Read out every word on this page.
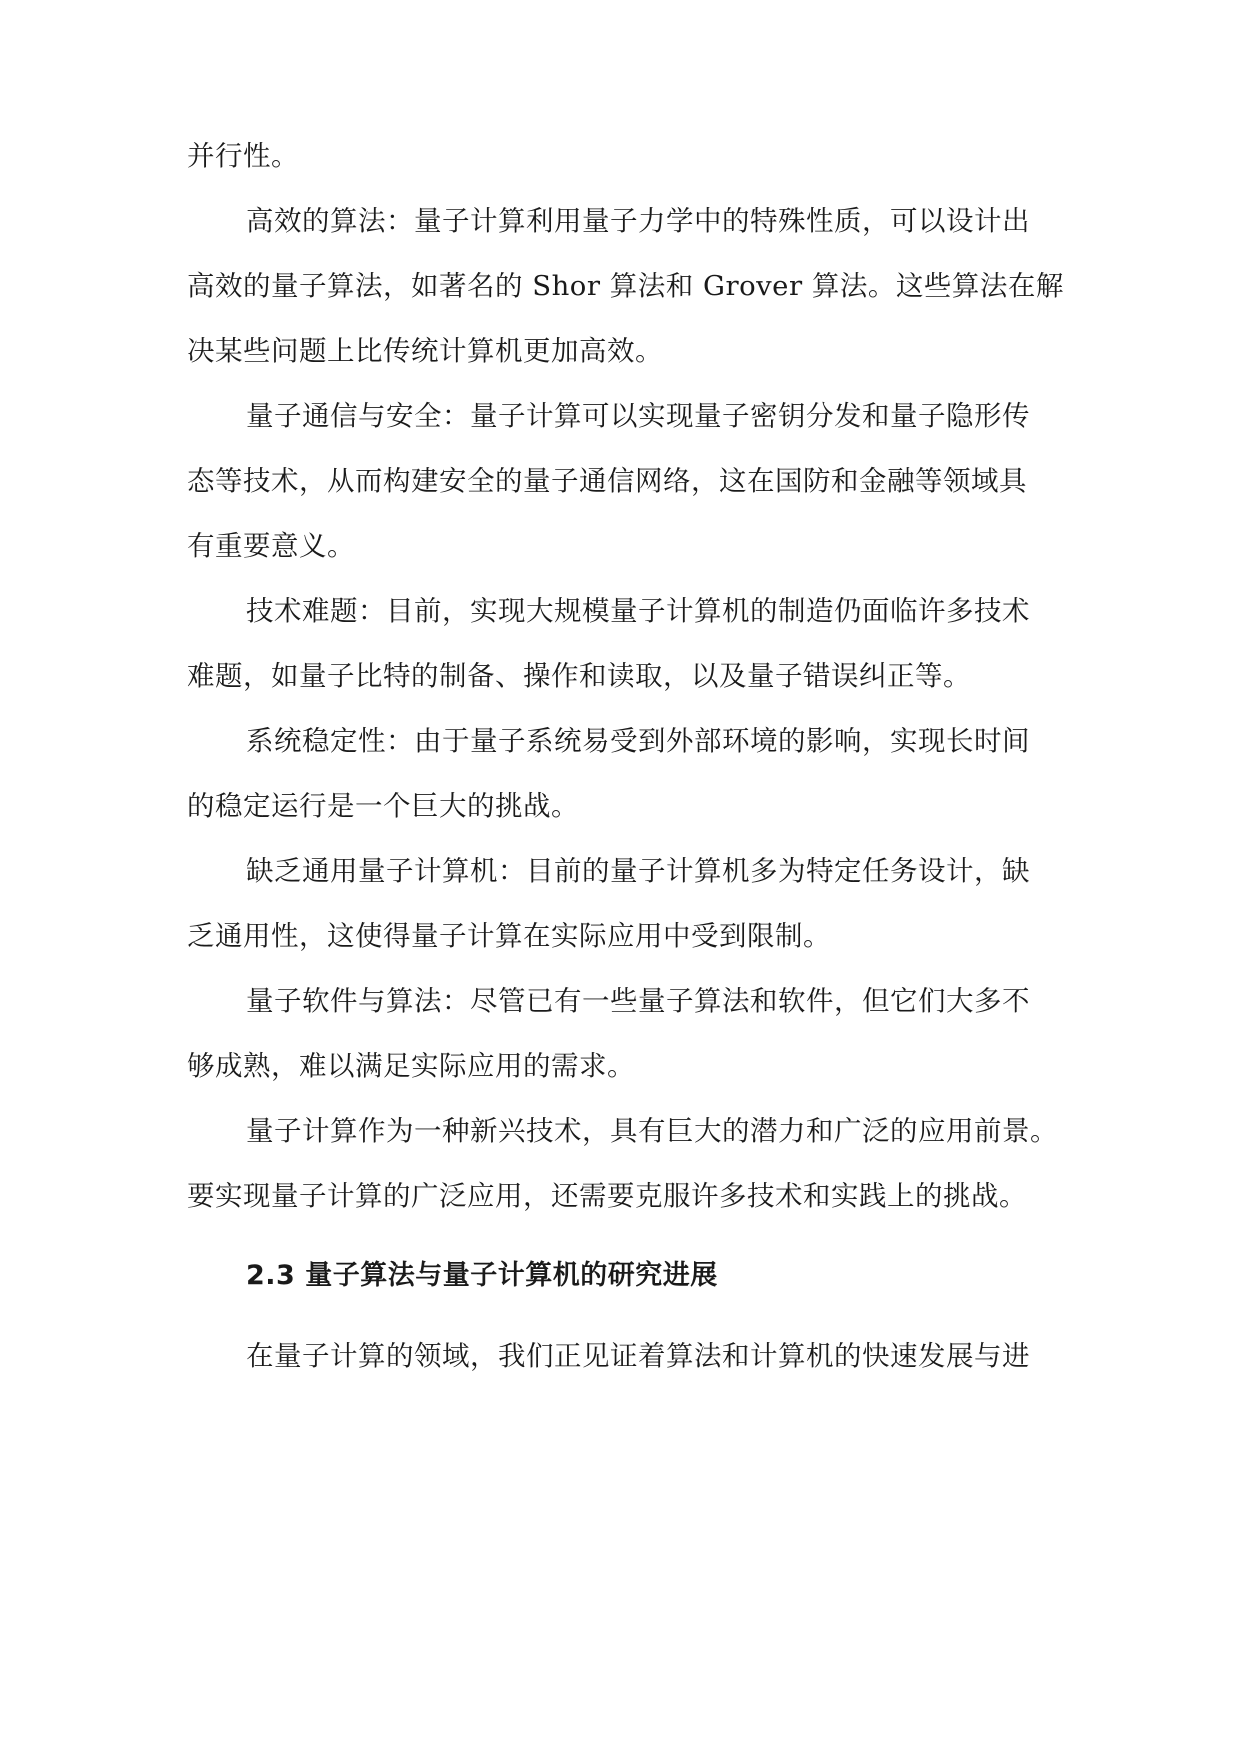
并行性。
高效的算法：量子计算利用量子力学中的特殊性质，可以设计出
高效的量子算法，如著名的 Shor 算法和 Grover 算法。这些算法在解
决某些问题上比传统计算机更加高效。
量子通信与安全：量子计算可以实现量子密钥分发和量子隐形传
态等技术，从而构建安全的量子通信网络，这在国防和金融等领域具
有重要意义。
技术难题：目前，实现大规模量子计算机的制造仍面临许多技术
难题，如量子比特的制备、操作和读取，以及量子错误纠正等。
系统稳定性：由于量子系统易受到外部环境的影响，实现长时间
的稳定运行是一个巨大的挑战。
缺乏通用量子计算机：目前的量子计算机多为特定任务设计，缺
乏通用性，这使得量子计算在实际应用中受到限制。
量子软件与算法：尽管已有一些量子算法和软件，但它们大多不
够成熟，难以满足实际应用的需求。
量子计算作为一种新兴技术，具有巨大的潜力和广泛的应用前景。
要实现量子计算的广泛应用，还需要克服许多技术和实践上的挑战。
2.3 量子算法与量子计算机的研究进展
在量子计算的领域，我们正见证着算法和计算机的快速发展与进
